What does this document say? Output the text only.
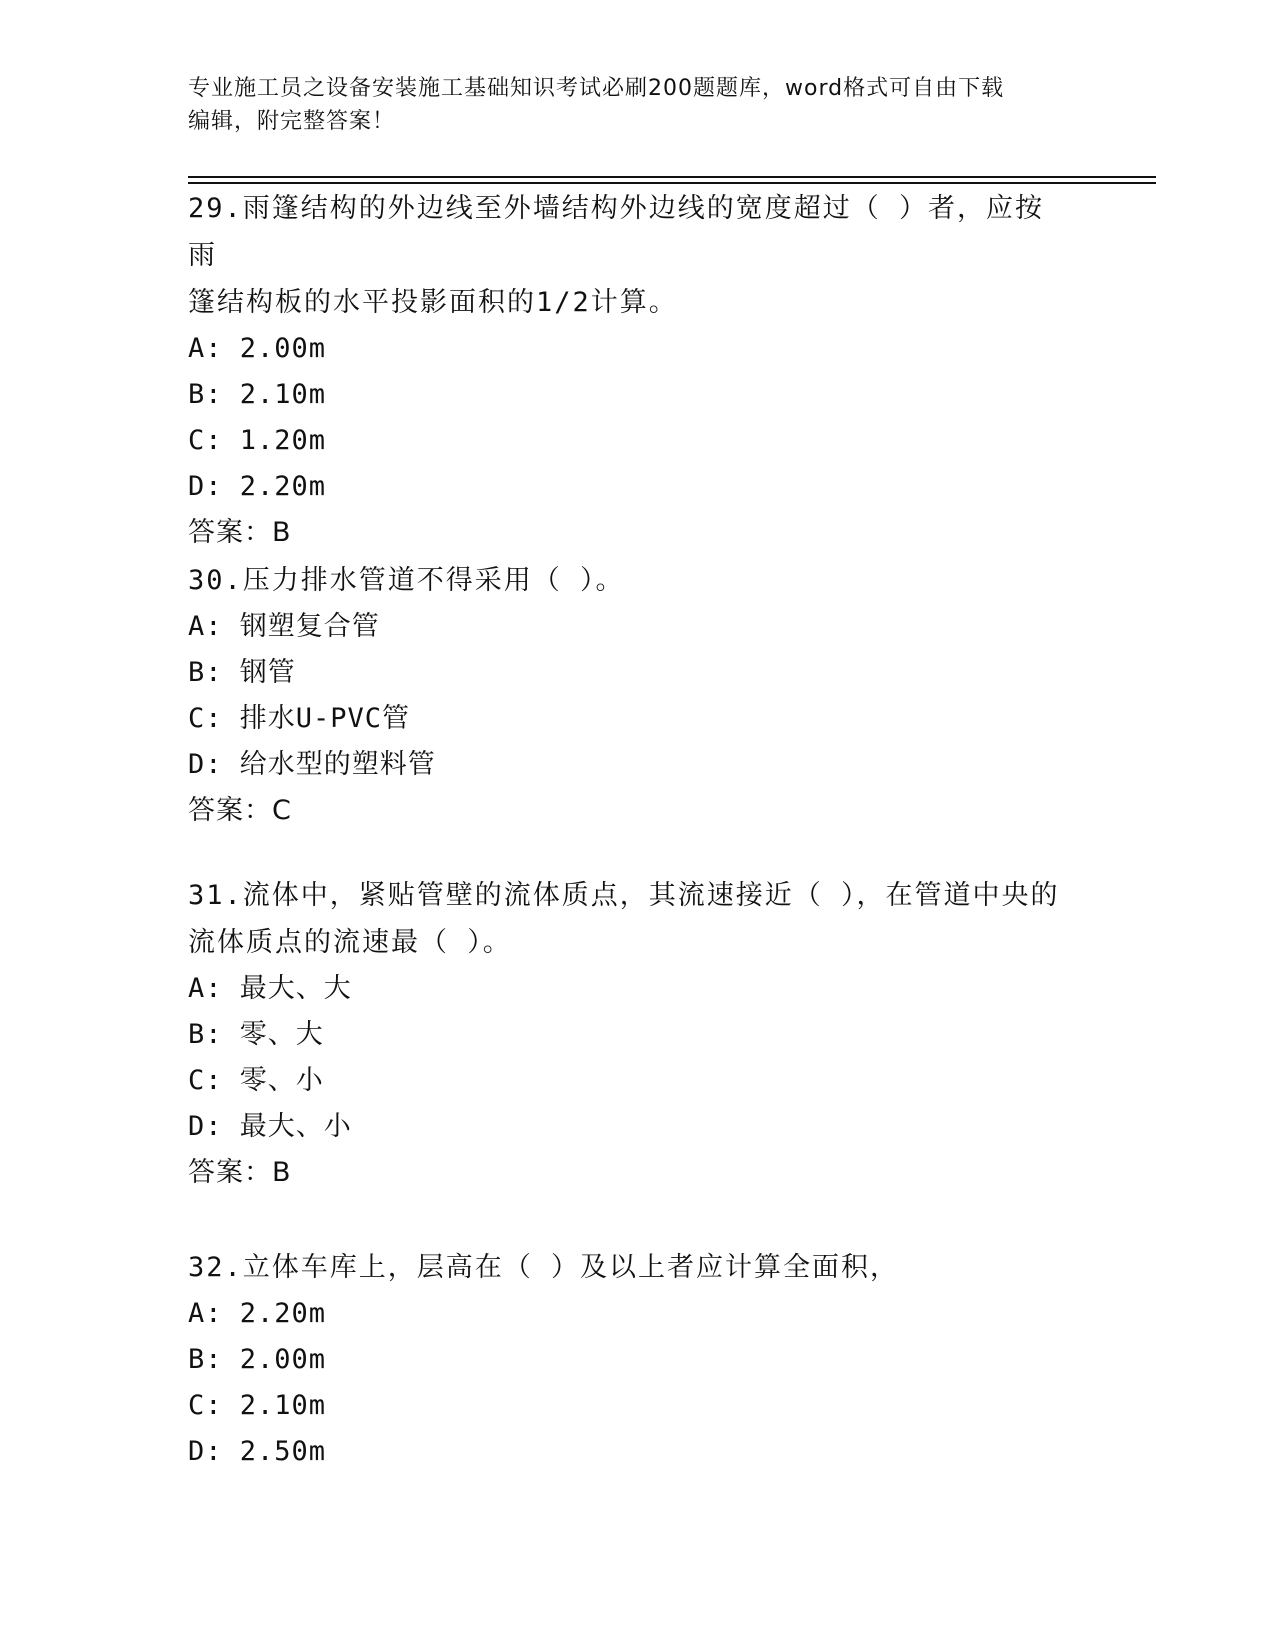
专业施工员之设备安装施工基础知识考试必刷200题题库，word格式可自由下载
编辑，附完整答案！
29.雨篷结构的外边线至外墙结构外边线的宽度超过（ ）者，应按雨
篷结构板的水平投影面积的1/2计算。
A: 2.00m
B: 2.10m
C: 1.20m
D: 2.20m
答案：B
30.压力排水管道不得采用（ ）。
A: 钢塑复合管
B: 钢管
C: 排水U-PVC管
D: 给水型的塑料管
答案：C
31.流体中，紧贴管壁的流体质点，其流速接近（ ），在管道中央的
流体质点的流速最（ ）。
A: 最大、大
B: 零、大
C: 零、小
D: 最大、小
答案：B
32.立体车库上，层高在（ ）及以上者应计算全面积，
A: 2.20m
B: 2.00m
C: 2.10m
D: 2.50m
